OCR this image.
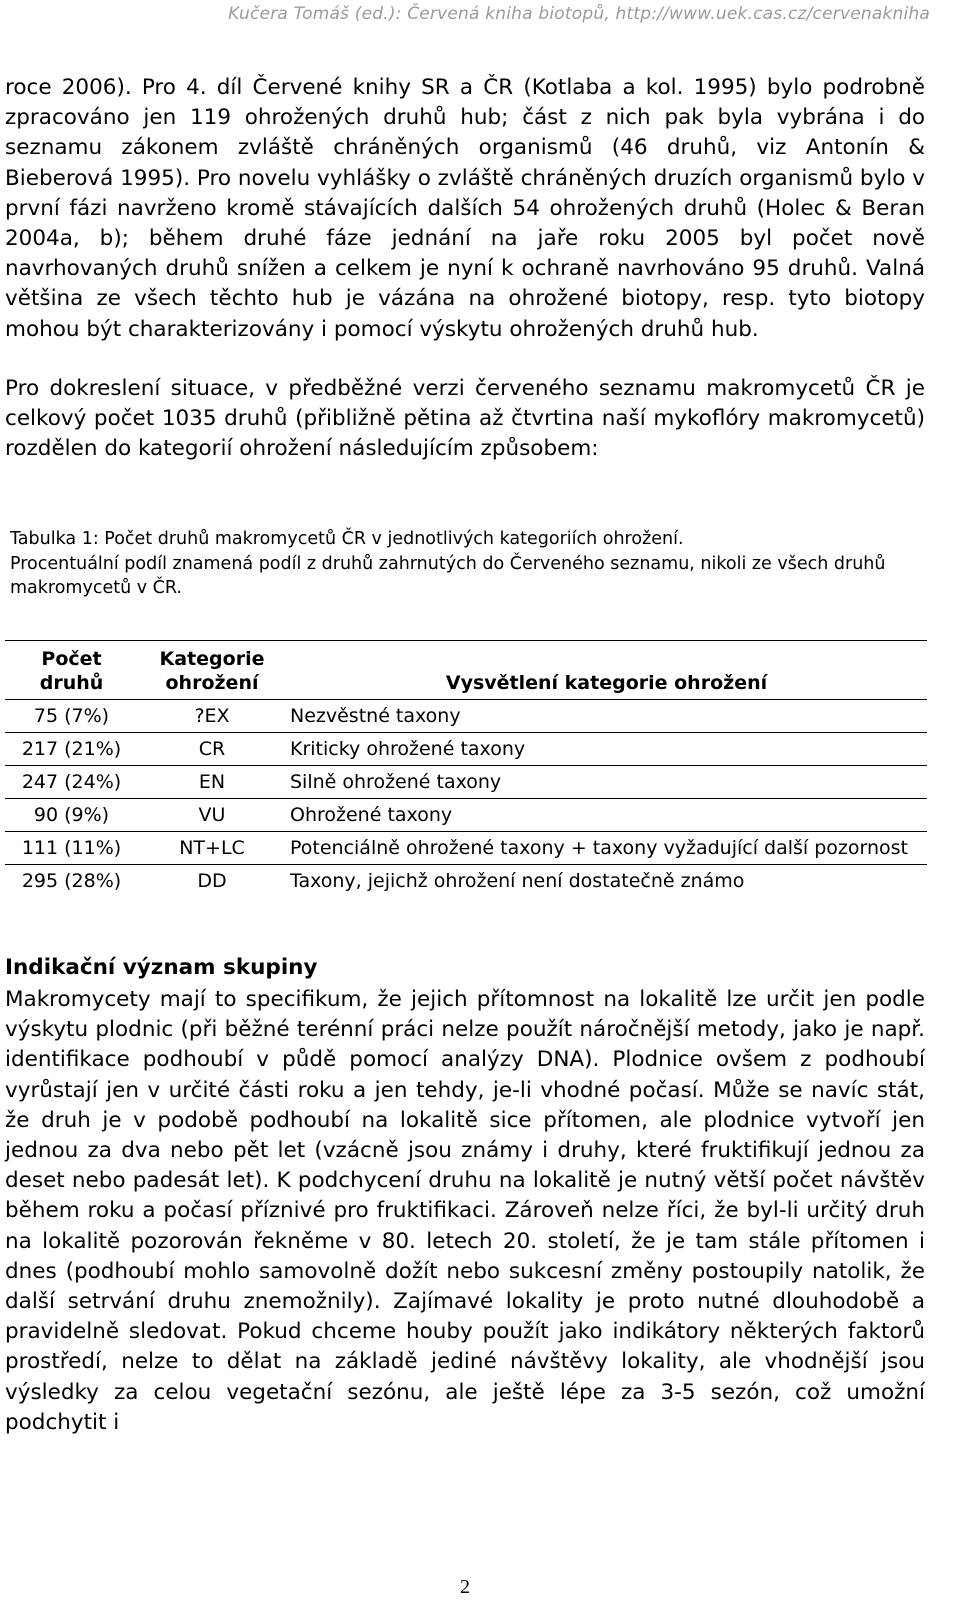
Kučera Tomáš (ed.): Červená kniha biotopů, http://www.uek.cas.cz/cervenakniha

roce 2006). Pro 4. díl Červené knihy SR a ČR (Kotlaba a kol. 1995) bylo podrobně zpracováno jen 119 ohrožených druhů hub; část z nich pak byla vybrána i do seznamu zákonem zvláště chráněných organismů (46 druhů, viz Antonín & Bieberová 1995). Pro novelu vyhlášky o zvláště chráněných druzích organismů bylo v první fázi navrženo kromě stávajících dalších 54 ohrožených druhů (Holec & Beran 2004a, b); během druhé fáze jednání na jaře roku 2005 byl počet nově navrhovaných druhů snížen a celkem je nyní k ochraně navrhováno 95 druhů. Valná většina ze všech těchto hub je vázána na ohrožené biotopy, resp. tyto biotopy mohou být charakterizovány i pomocí výskytu ohrožených druhů hub.

Pro dokreslení situace, v předběžné verzi červeného seznamu makromycetů ČR je celkový počet 1035 druhů (přibližně pětina až čtvrtina naší mykoflóry makromycetů) rozdělen do kategorií ohrožení následujícím způsobem:

Tabulka 1: Počet druhů makromycetů ČR v jednotlivých kategoriích ohrožení.
Procentuální podíl znamená podíl z druhů zahrnutých do Červeného seznamu, nikoli ze všech druhů makromycetů v ČR.

Počet druhů	Kategorie ohrožení	Vysvětlení kategorie ohrožení
75 (7%)	?EX	Nezvěstné taxony
217 (21%)	CR	Kriticky ohrožené taxony
247 (24%)	EN	Silně ohrožené taxony
90 (9%)	VU	Ohrožené taxony
111 (11%)	NT+LC	Potenciálně ohrožené taxony + taxony vyžadující další pozornost
295 (28%)	DD	Taxony, jejichž ohrožení není dostatečně známo
Indikační význam skupiny

Makromycety mají to specifikum, že jejich přítomnost na lokalitě lze určit jen podle výskytu plodnic (při běžné terénní práci nelze použít náročnější metody, jako je např. identifikace podhoubí v půdě pomocí analýzy DNA). Plodnice ovšem z podhoubí vyrůstají jen v určité části roku a jen tehdy, je-li vhodné počasí. Může se navíc stát, že druh je v podobě podhoubí na lokalitě sice přítomen, ale plodnice vytvoří jen jednou za dva nebo pět let (vzácně jsou známy i druhy, které fruktifikují jednou za deset nebo padesát let). K podchycení druhu na lokalitě je nutný větší počet návštěv během roku a počasí příznivé pro fruktifikaci. Zároveň nelze říci, že byl-li určitý druh na lokalitě pozorován řekněme v 80. letech 20. století, že je tam stále přítomen i dnes (podhoubí mohlo samovolně dožít nebo sukcesní změny postoupily natolik, že další setrvání druhu znemožnily). Zajímavé lokality je proto nutné dlouhodobě a pravidelně sledovat. Pokud chceme houby použít jako indikátory některých faktorů prostředí, nelze to dělat na základě jediné návštěvy lokality, ale vhodnější jsou výsledky za celou vegetační sezónu, ale ještě lépe za 3-5 sezón, což umožní podchytit i

2
